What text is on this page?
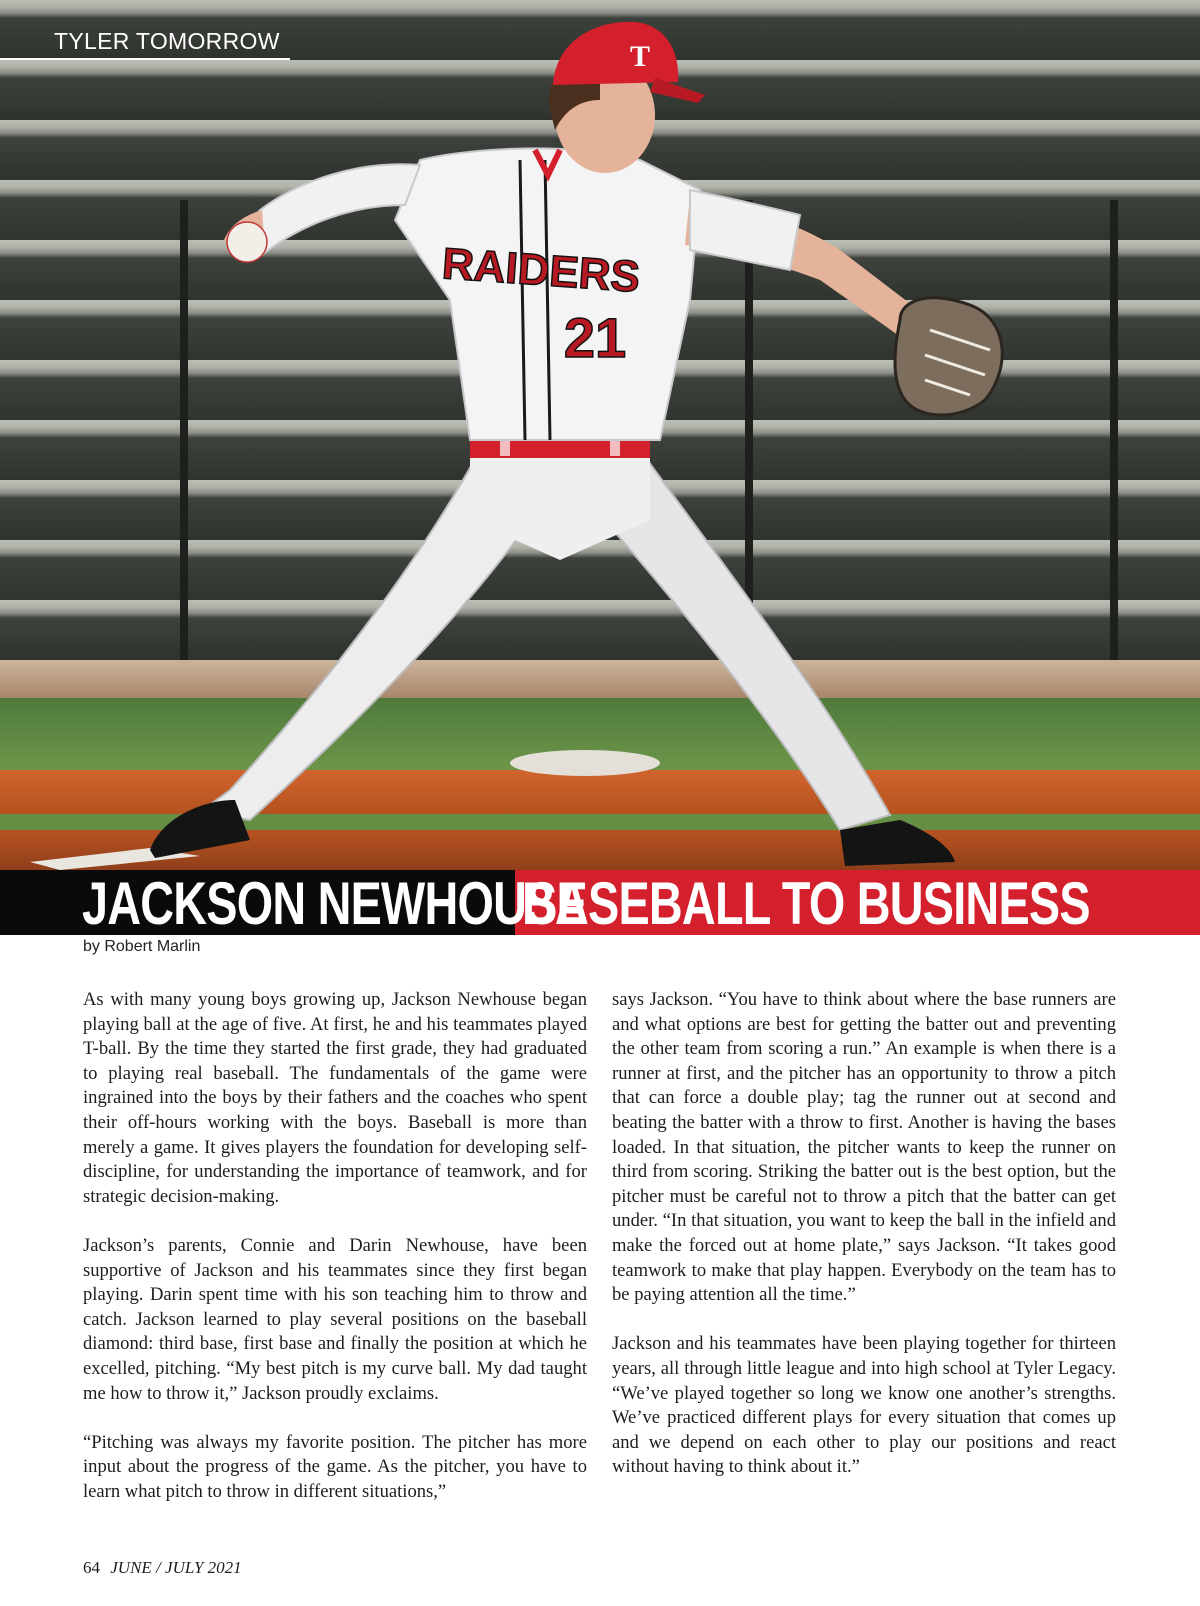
T
RAIDERS
21
TYLER TOMORROW
JACKSON NEWHOUSE
BASEBALL TO BUSINESS
by Robert Marlin

As with many young boys growing up, Jackson Newhouse began playing ball at the age of five. At first, he and his teammates played T-ball. By the time they started the first grade, they had graduated to playing real baseball. The fundamentals of the game were ingrained into the boys by their fathers and the coaches who spent their off-hours working with the boys. Baseball is more than merely a game. It gives players the foundation for developing self-discipline, for understanding the importance of teamwork, and for strategic decision-making.

Jackson’s parents, Connie and Darin Newhouse, have been supportive of Jackson and his teammates since they first began playing. Darin spent time with his son teaching him to throw and catch. Jackson learned to play several positions on the baseball diamond: third base, first base and finally the position at which he excelled, pitching. “My best pitch is my curve ball. My dad taught me how to throw it,” Jackson proudly exclaims.

“Pitching was always my favorite position. The pitcher has more input about the progress of the game. As the pitcher, you have to learn what pitch to throw in different situations,”

says Jackson. “You have to think about where the base runners are and what options are best for getting the batter out and preventing the other team from scoring a run.” An example is when there is a runner at first, and the pitcher has an opportunity to throw a pitch that can force a double play; tag the runner out at second and beating the batter with a throw to first. Another is having the bases loaded. In that situation, the pitcher wants to keep the runner on third from scoring. Striking the batter out is the best option, but the pitcher must be careful not to throw a pitch that the batter can get under. “In that situation, you want to keep the ball in the infield and make the forced out at home plate,” says Jackson. “It takes good teamwork to make that play happen. Everybody on the team has to be paying attention all the time.”

Jackson and his teammates have been playing together for thirteen years, all through little league and into high school at Tyler Legacy. “We’ve played together so long we know one another’s strengths. We’ve practiced different plays for every situation that comes up and we depend on each other to play our positions and react without having to think about it.”

64 JUNE / JULY 2021
